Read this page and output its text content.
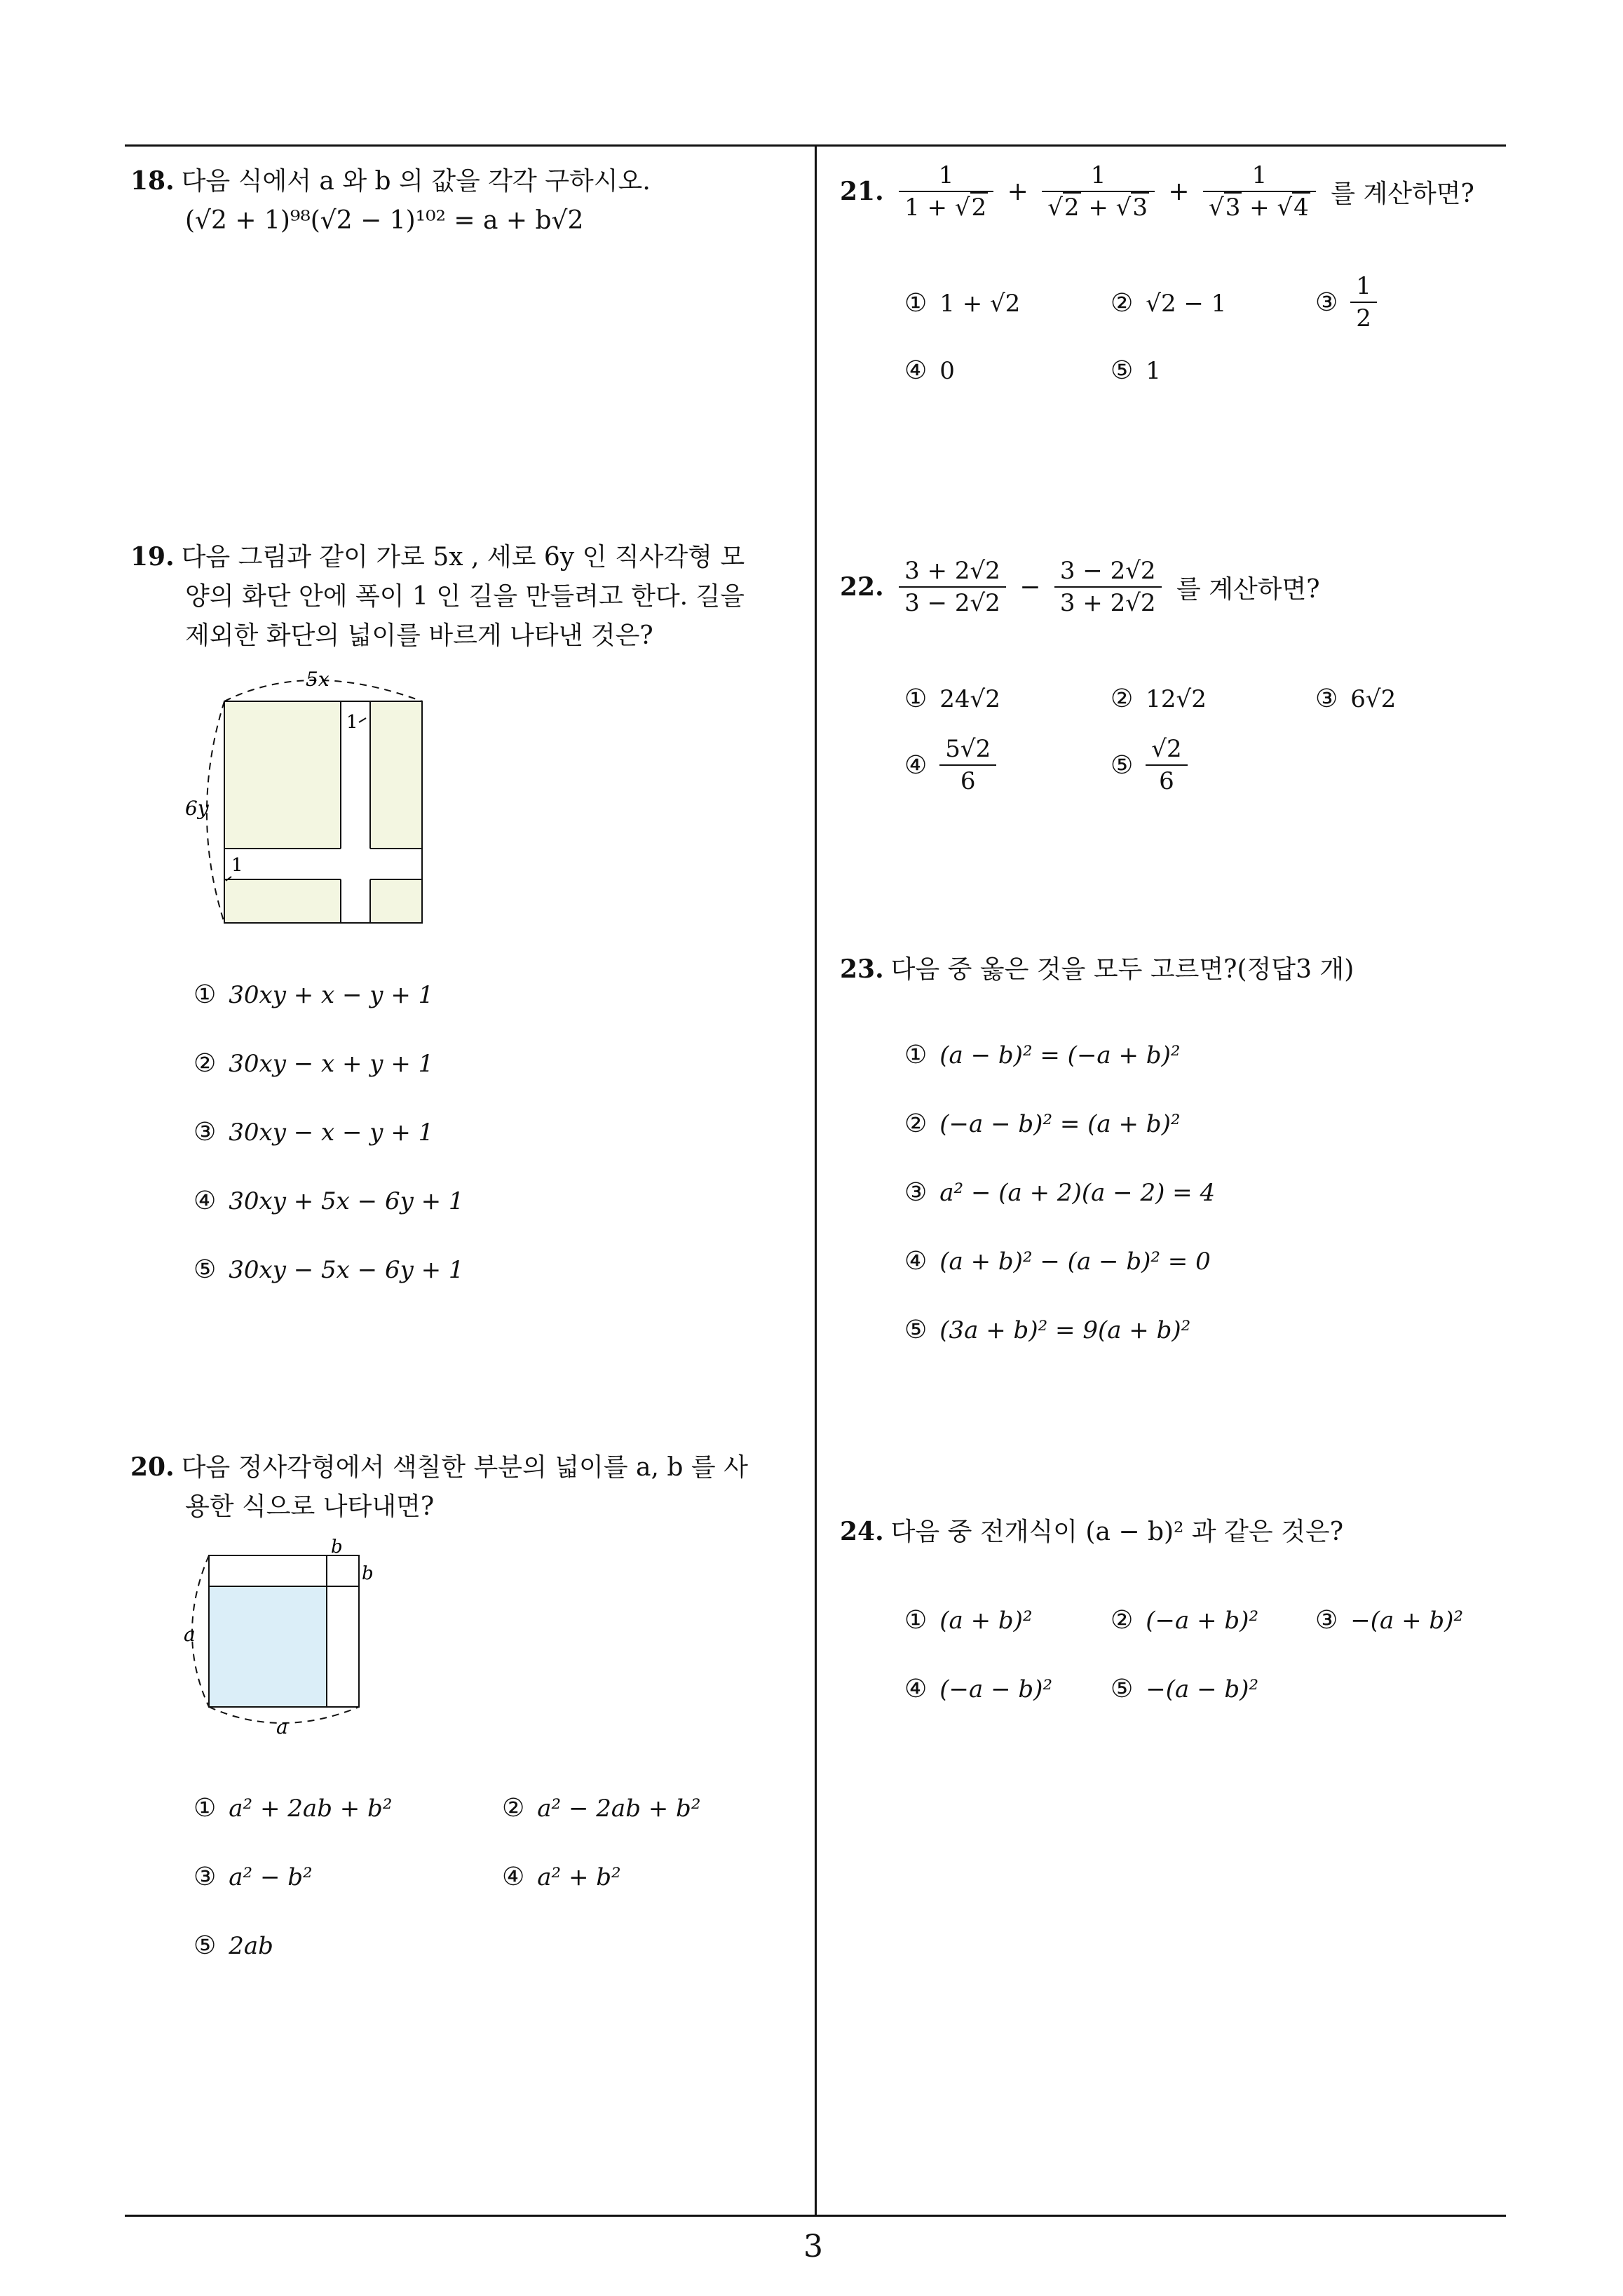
3
18. 다음 식에서 a 와 b 의 값을 각각 구하시오.
(√2 + 1)⁹⁸(√2 − 1)¹⁰² = a + b√2
19. 다음 그림과 같이 가로 5x , 세로 6y 인 직사각형 모
양의 화단 안에 폭이 1 인 길을 만들려고 한다. 길을
제외한 화단의 넓이를 바르게 나타낸 것은?
5x
6y
1
1
① 30xy + x − y + 1
② 30xy − x + y + 1
③ 30xy − x − y + 1
④ 30xy + 5x − 6y + 1
⑤ 30xy − 5x − 6y + 1
20. 다음 정사각형에서 색칠한 부분의 넓이를 a, b 를 사
용한 식으로 나타내면?
a
a
b
b
① a² + 2ab + b²	② a² − 2ab + b²
③ a² − b²	④ a² + b²
⑤ 2ab
21. $\frac{1}{1 + √2} + \frac{1}{√2 + √3} + \frac{1}{√3 + √4}$ 를 계산하면?
① 1 + √2	② √2 − 1	③ $\frac{1}{2}$
④ 0	⑤ 1
22. $\frac{3 + 2√2}{3 - 2√2} - \frac{3 - 2√2}{3 + 2√2}$ 를 계산하면?
① 24√2	② 12√2	③ 6√2
④ $\frac{5√2}{6}$	⑤ $\frac{√2}{6}$
23. 다음 중 옳은 것을 모두 고르면?(정답3 개)
① (a − b)² = (−a + b)²
② (−a − b)² = (a + b)²
③ a² − (a + 2)(a − 2) = 4
④ (a + b)² − (a − b)² = 0
⑤ (3a + b)² = 9(a + b)²
24. 다음 중 전개식이 (a − b)² 과 같은 것은?
① (a + b)²	② (−a + b)² ③ −(a + b)²
④ (−a − b)² ⑤ −(a − b)²
